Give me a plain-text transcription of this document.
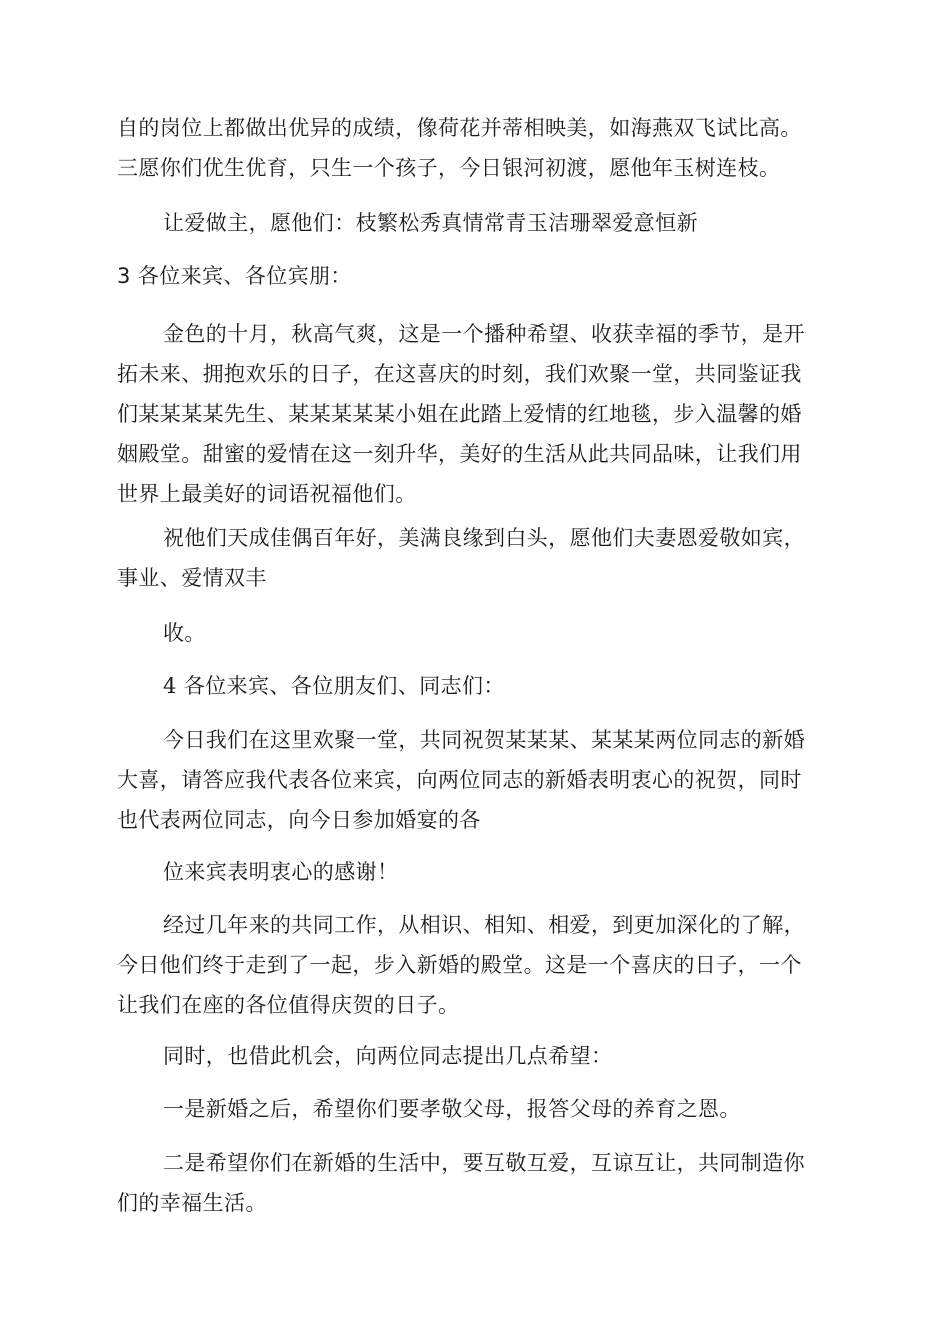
自的岗位上都做出优异的成绩，像荷花并蒂相映美，如海燕双飞试比高。
三愿你们优生优育，只生一个孩子，今日银河初渡，愿他年玉树连枝。

让爱做主，愿他们：枝繁松秀真情常青玉洁珊翠爱意恒新

3 各位来宾、各位宾朋：

金色的十月，秋高气爽，这是一个播种希望、收获幸福的季节，是开
拓未来、拥抱欢乐的日子，在这喜庆的时刻，我们欢聚一堂，共同鉴证我
们某某某某先生、某某某某某小姐在此踏上爱情的红地毯，步入温馨的婚
姻殿堂。甜蜜的爱情在这一刻升华，美好的生活从此共同品味，让我们用
世界上最美好的词语祝福他们。

祝他们天成佳偶百年好，美满良缘到白头，愿他们夫妻恩爱敬如宾，
事业、爱情双丰

收。

4 各位来宾、各位朋友们、同志们：

今日我们在这里欢聚一堂，共同祝贺某某某、某某某两位同志的新婚
大喜，请答应我代表各位来宾，向两位同志的新婚表明衷心的祝贺，同时
也代表两位同志，向今日参加婚宴的各

位来宾表明衷心的感谢！

经过几年来的共同工作，从相识、相知、相爱，到更加深化的了解，
今日他们终于走到了一起，步入新婚的殿堂。这是一个喜庆的日子，一个
让我们在座的各位值得庆贺的日子。

同时，也借此机会，向两位同志提出几点希望：

一是新婚之后，希望你们要孝敬父母，报答父母的养育之恩。

二是希望你们在新婚的生活中，要互敬互爱，互谅互让，共同制造你
们的幸福生活。
